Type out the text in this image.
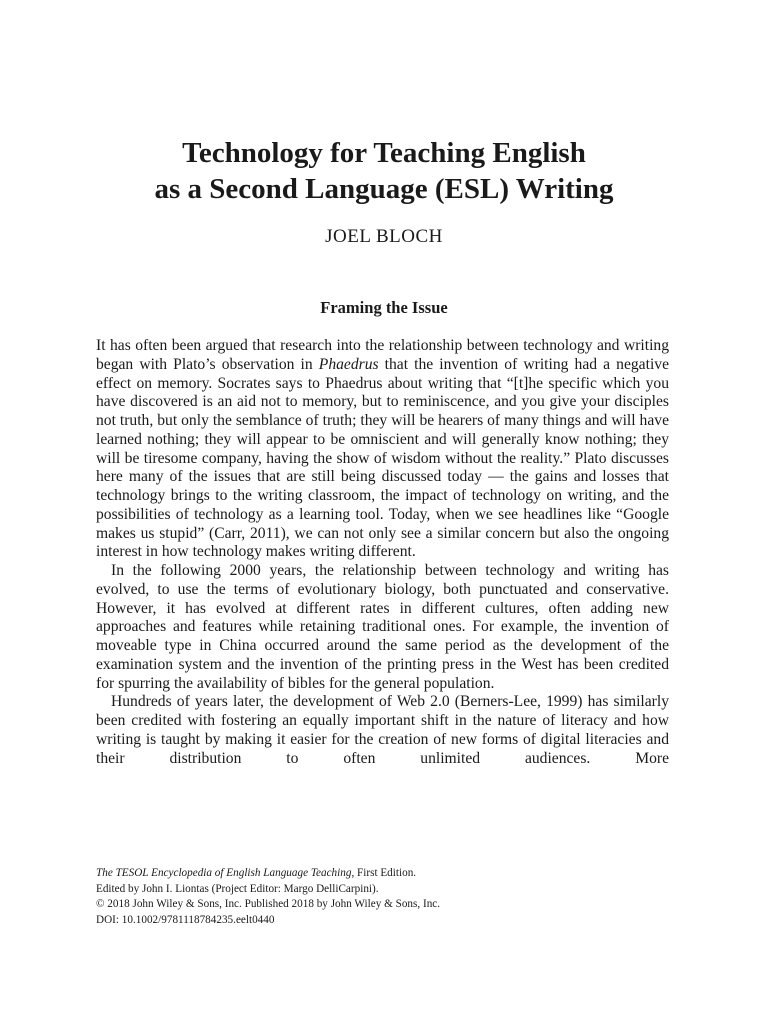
Technology for Teaching English
as a Second Language (ESL) Writing
JOEL BLOCH
Framing the Issue

It has often been argued that research into the relationship between technology and writing began with Plato’s observation in Phaedrus that the invention of writing had a negative effect on memory. Socrates says to Phaedrus about writing that “[t]he specific which you have discovered is an aid not to memory, but to reminiscence, and you give your disciples not truth, but only the semblance of truth; they will be hearers of many things and will have learned nothing; they will appear to be omniscient and will generally know nothing; they will be tiresome company, having the show of wisdom without the reality.” Plato discusses here many of the issues that are still being discussed today — the gains and losses that technology brings to the writing classroom, the impact of technology on writing, and the possibilities of technology as a learning tool. Today, when we see headlines like “Google makes us stupid” (Carr, 2011), we can not only see a similar concern but also the ongoing interest in how technology makes writing different.

In the following 2000 years, the relationship between technology and writing has evolved, to use the terms of evolutionary biology, both punctuated and conservative. However, it has evolved at different rates in different cultures, often adding new approaches and features while retaining traditional ones. For example, the invention of moveable type in China occurred around the same period as the development of the examination system and the invention of the printing press in the West has been credited for spurring the availability of bibles for the general population.

Hundreds of years later, the development of Web 2.0 (Berners-Lee, 1999) has similarly been credited with fostering an equally important shift in the nature of literacy and how writing is taught by making it easier for the creation of new forms of digital literacies and their distribution to often unlimited audiences. More

The TESOL Encyclopedia of English Language Teaching, First Edition.
Edited by John I. Liontas (Project Editor: Margo DelliCarpini).
© 2018 John Wiley & Sons, Inc. Published 2018 by John Wiley & Sons, Inc.
DOI: 10.1002/9781118784235.eelt0440
